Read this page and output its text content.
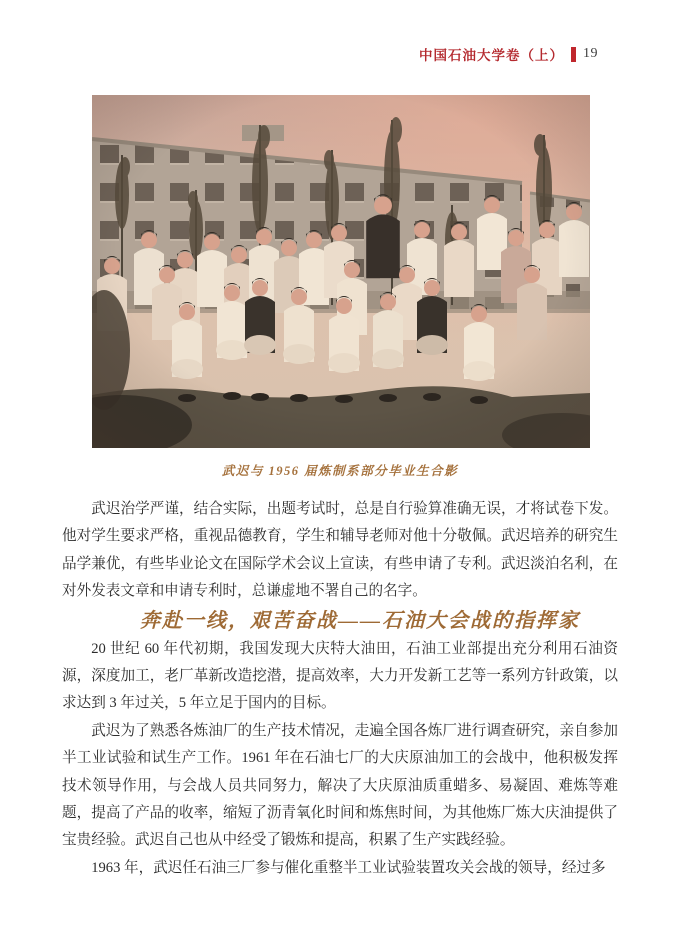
中国石油大学卷（上） 19
武迟与 1956 届炼制系部分毕业生合影

武迟治学严谨，结合实际，出题考试时，总是自行验算准确无误，才将试卷下发。他对学生要求严格，重视品德教育，学生和辅导老师对他十分敬佩。武迟培养的研究生品学兼优，有些毕业论文在国际学术会议上宣读，有些申请了专利。武迟淡泊名利，在对外发表文章和申请专利时，总谦虚地不署自己的名字。

奔赴一线，艰苦奋战——石油大会战的指挥家

20 世纪 60 年代初期，我国发现大庆特大油田，石油工业部提出充分利用石油资源，深度加工，老厂革新改造挖潜，提高效率，大力开发新工艺等一系列方针政策，以求达到 3 年过关，5 年立足于国内的目标。

武迟为了熟悉各炼油厂的生产技术情况，走遍全国各炼厂进行调查研究，亲自参加半工业试验和试生产工作。1961 年在石油七厂的大庆原油加工的会战中，他积极发挥技术领导作用，与会战人员共同努力，解决了大庆原油质重蜡多、易凝固、难炼等难题，提高了产品的收率，缩短了沥青氧化时间和炼焦时间，为其他炼厂炼大庆油提供了宝贵经验。武迟自己也从中经受了锻炼和提高，积累了生产实践经验。

1963 年，武迟任石油三厂参与催化重整半工业试验装置攻关会战的领导，经过多
